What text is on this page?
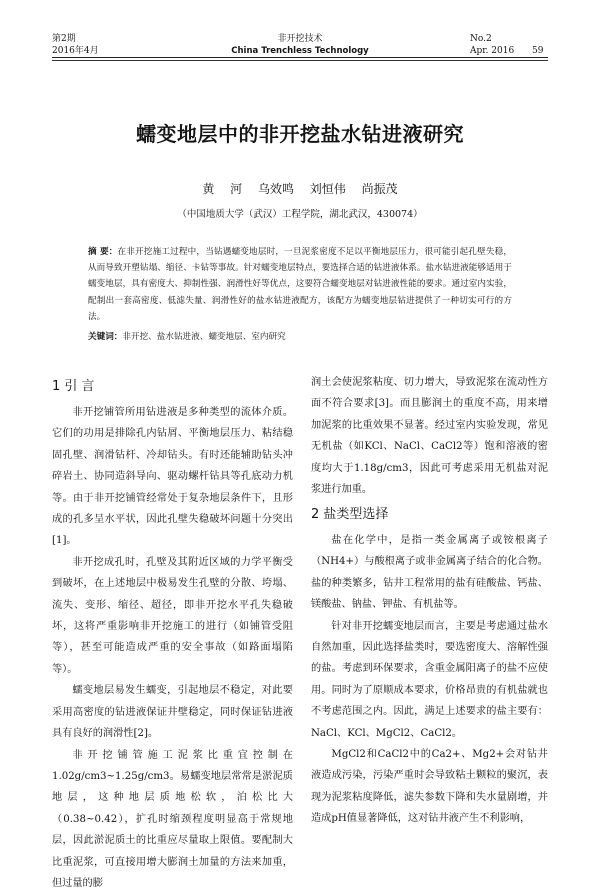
第2期
2016年4月
非开挖技术
China Trenchless Technology
No.2
Apr. 2016 59
蠕变地层中的非开挖盐水钻进液研究
黄 河 乌效鸣 刘恒伟 尚振茂
（中国地质大学（武汉）工程学院，湖北武汉，430074）
摘 要：在非开挖施工过程中，当钻遇蠕变地层时，一旦泥浆密度不足以平衡地层压力，很可能引起孔壁失稳，从而导致开塑钻塌、缩径、卡钻等事故。针对蠕变地层特点，要选择合适的钻进液体系。盐水钻进液能够适用于蠕变地层，具有密度大、抑制性强、润滑性好等优点，这要符合蠕变地层对钻进液性能的要求。通过室内实验，配制出一套高密度、低滤失量、润滑性好的盐水钻进液配方，该配方为蠕变地层钻进提供了一种切实可行的方法。
关键词：非开挖、盐水钻进液、蠕变地层、室内研究
1 引 言

非开挖铺管所用钻进液是多种类型的流体介质。它们的功用是排除孔内钻屑、平衡地层压力、粘结稳固孔壁、润滑钻杆、冷却钻头。有时还能辅助钻头冲碎岩土、协同造斜导向、驱动螺杆钻具等孔底动力机等。由于非开挖铺管经常处于复杂地层条件下，且形成的孔多呈水平状，因此孔壁失稳破坏问题十分突出[1]。

非开挖成孔时，孔壁及其附近区域的力学平衡受到破坏，在上述地层中极易发生孔壁的分散、垮塌、流失、变形、缩径、超径，即非开挖水平孔失稳破坏，这将严重影响非开挖施工的进行（如铺管受阻等），甚至可能造成严重的安全事故（如路面塌陷等）。

蠕变地层易发生蠕变，引起地层不稳定，对此要采用高密度的钻进液保证井壁稳定，同时保证钻进液具有良好的润滑性[2]。

非开挖铺管施工泥浆比重宜控制在1.02g/cm3~1.25g/cm3。易蠕变地层常常是淤泥质地层，这种地层质地松软，泊松比大（0.38~0.42），扩孔时缩颈程度明显高于常规地层，因此淤泥质土的比重应尽量取上限值。要配制大比重泥浆，可直接用增大膨润土加量的方法来加重，但过量的膨

润土会使泥浆粘度、切力增大，导致泥浆在流动性方面不符合要求[3]。而且膨润土的重度不高，用来增加泥浆的比重效果不显著。经过室内实验发现，常见无机盐（如KCl、NaCl、CaCl2等）饱和溶液的密度均大于1.18g/cm3，因此可考虑采用无机盐对泥浆进行加重。

2 盐类型选择

盐在化学中，是指一类金属离子或铵根离子（NH4+）与酸根离子或非金属离子结合的化合物。盐的种类繁多，钻井工程常用的盐有硅酸盐、钙盐、镁酸盐、钠盐、钾盐、有机盐等。

针对非开挖蠕变地层而言，主要是考虑通过盐水自然加重，因此选择盐类时，要选密度大、溶解性强的盐。考虑到环保要求，含重金属阳离子的盐不应使用。同时为了原顺成本要求，价格昂贵的有机盐就也不考虑范围之内。因此，满足上述要求的盐主要有：NaCl、KCl、MgCl2、CaCl2。

MgCl2和CaCl2中的Ca2+、Mg2+会对钻井液造成污染，污染严重时会导致粘土颗粒的聚沉，表现为泥浆粘度降低，滤失参数下降和失水量剧增，并造成pH值显著降低，这对钻井液产生不利影响，
